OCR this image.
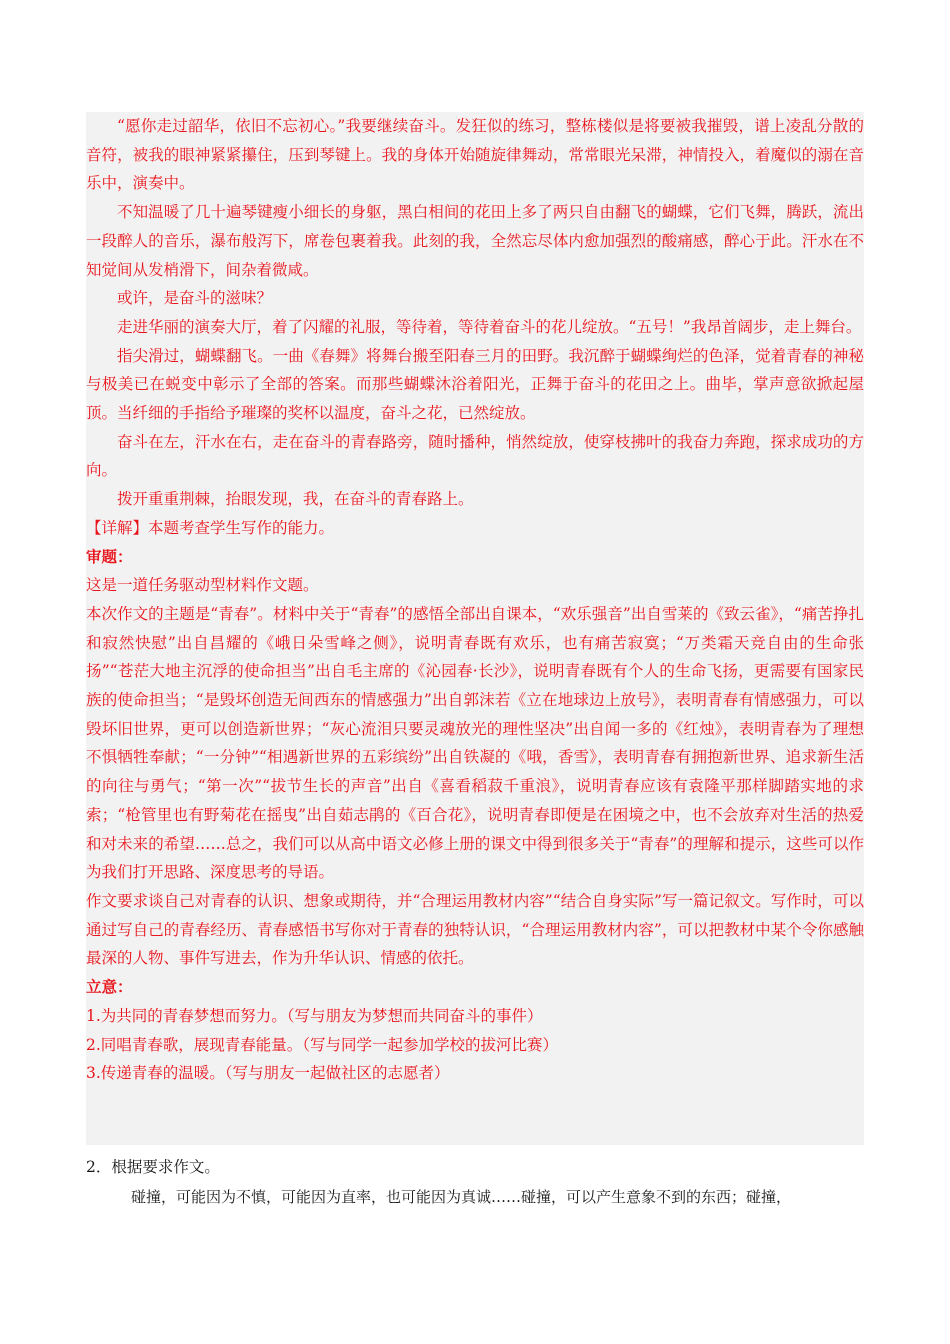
“愿你走过韶华，依旧不忘初心。”我要继续奋斗。发狂似的练习，整栋楼似是将要被我摧毁，谱上凌乱分散的音符，被我的眼神紧紧攥住，压到琴键上。我的身体开始随旋律舞动，常常眼光呆滞，神情投入，着魔似的溺在音乐中，演奏中。

不知温暖了几十遍琴键瘦小细长的身躯，黑白相间的花田上多了两只自由翻飞的蝴蝶，它们飞舞，腾跃，流出一段醉人的音乐，瀑布般泻下，席卷包裹着我。此刻的我，全然忘尽体内愈加强烈的酸痛感，醉心于此。汗水在不知觉间从发梢滑下，间杂着微咸。

或许，是奋斗的滋味？

走进华丽的演奏大厅，着了闪耀的礼服，等待着，等待着奋斗的花儿绽放。“五号！”我昂首阔步，走上舞台。

指尖滑过，蝴蝶翻飞。一曲《春舞》将舞台搬至阳春三月的田野。我沉醉于蝴蝶绚烂的色泽，觉着青春的神秘与极美已在蜕变中彰示了全部的答案。而那些蝴蝶沐浴着阳光，正舞于奋斗的花田之上。曲毕，掌声意欲掀起屋顶。当纤细的手指给予璀璨的奖杯以温度，奋斗之花，已然绽放。

奋斗在左，汗水在右，走在奋斗的青春路旁，随时播种，悄然绽放，使穿枝拂叶的我奋力奔跑，探求成功的方向。

拨开重重荆棘，抬眼发现，我，在奋斗的青春路上。

【详解】本题考查学生写作的能力。

审题：

这是一道任务驱动型材料作文题。

本次作文的主题是“青春”。材料中关于“青春”的感悟全部出自课本，“欢乐强音”出自雪莱的《致云雀》，“痛苦挣扎和寂然快慰”出自昌耀的《峨日朵雪峰之侧》，说明青春既有欢乐，也有痛苦寂寞；“万类霜天竞自由的生命张扬”“苍茫大地主沉浮的使命担当”出自毛主席的《沁园春·长沙》，说明青春既有个人的生命飞扬，更需要有国家民族的使命担当；“是毁坏创造无间西东的情感强力”出自郭沫若《立在地球边上放号》，表明青春有情感强力，可以毁坏旧世界，更可以创造新世界；“灰心流泪只要灵魂放光的理性坚决”出自闻一多的《红烛》，表明青春为了理想不惧牺牲奉献；“一分钟”“相遇新世界的五彩缤纷”出自铁凝的《哦，香雪》，表明青春有拥抱新世界、追求新生活的向往与勇气；“第一次”“拔节生长的声音”出自《喜看稻菽千重浪》，说明青春应该有袁隆平那样脚踏实地的求索；“枪管里也有野菊花在摇曳”出自茹志鹃的《百合花》，说明青春即便是在困境之中，也不会放弃对生活的热爱和对未来的希望……总之，我们可以从高中语文必修上册的课文中得到很多关于“青春”的理解和提示，这些可以作为我们打开思路、深度思考的导语。

作文要求谈自己对青春的认识、想象或期待，并“合理运用教材内容”“结合自身实际”写一篇记叙文。写作时，可以通过写自己的青春经历、青春感悟书写你对于青春的独特认识，“合理运用教材内容”，可以把教材中某个令你感触最深的人物、事件写进去，作为升华认识、情感的依托。

立意：

1.为共同的青春梦想而努力。（写与朋友为梦想而共同奋斗的事件）

2.同唱青春歌，展现青春能量。（写与同学一起参加学校的拔河比赛）

3.传递青春的温暖。（写与朋友一起做社区的志愿者）

2．根据要求作文。

碰撞，可能因为不慎，可能因为直率，也可能因为真诚……碰撞，可以产生意象不到的东西；碰撞，
